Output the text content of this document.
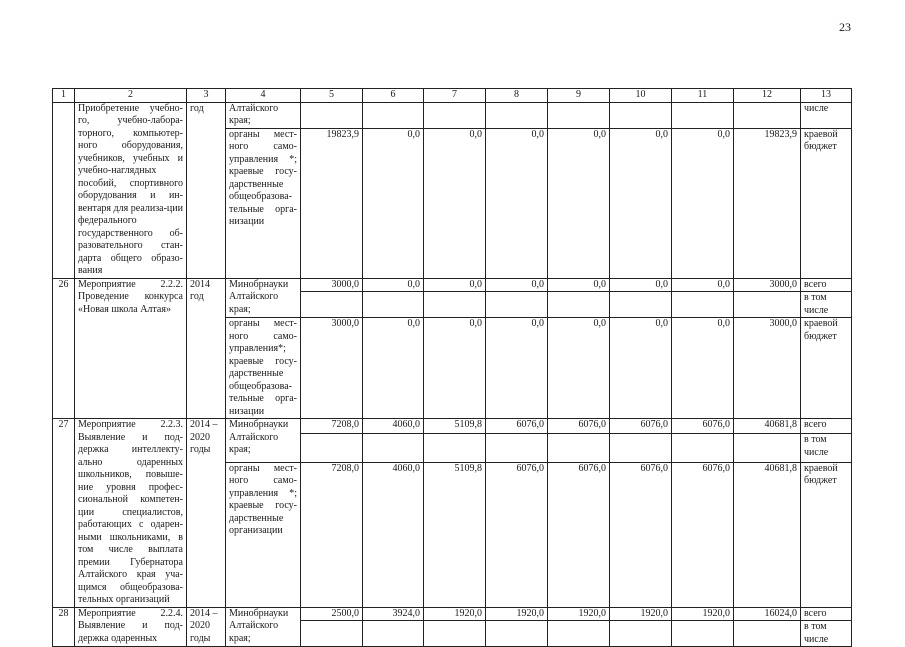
23
1	2	3	4	5	6	7	8	9	10	11	12	13
	Приобретение учебно-го, учебно-лабора-торного, компьютер-ного оборудования, учебников, учебных и учебно-наглядных пособий, спортивного оборудования и ин-вентаря для реализа-ции федерального государственного об-разовательного стан-дарта общего образо-вания	год	Алтайского края;									числе
			органы мест-ного само-управления *; краевые госу-дарственные общеобразова-тельные орга-низации	19823,9	0,0	0,0	0,0	0,0	0,0	0,0	19823,9	краевой бюджет
26	Мероприятие 2.2.2. Проведение конкурса «Новая школа Алтая»	2014 год	Минобрнауки Алтайского края;	3000,0	0,0	0,0	0,0	0,0	0,0	0,0	3000,0	всего
												в том числе
			органы мест-ного само-управления*; краевые госу-дарственные общеобразова-тельные орга-низации	3000,0	0,0	0,0	0,0	0,0	0,0	0,0	3000,0	краевой бюджет
27	Мероприятие 2.2.3. Выявление и под-держка интеллекту-ально одаренных школьников, повыше-ние уровня профес-сиональной компетен-ции специалистов, работающих с одарен-ными школьниками, в том числе выплата премии Губернатора Алтайского края уча-щимся общеобразова-тельных организаций	2014 – 2020 годы	Минобрнауки Алтайского края;	7208,0	4060,0	5109,8	6076,0	6076,0	6076,0	6076,0	40681,8	всего
												в том числе
			органы мест-ного само-управления *; краевые госу-дарственные организации	7208,0	4060,0	5109,8	6076,0	6076,0	6076,0	6076,0	40681,8	краевой бюджет
28	Мероприятие 2.2.4. Выявление и под-держка одаренных	2014 – 2020 годы	Минобрнауки Алтайского края;	2500,0	3924,0	1920,0	1920,0	1920,0	1920,0	1920,0	16024,0	всего
												в том числе
